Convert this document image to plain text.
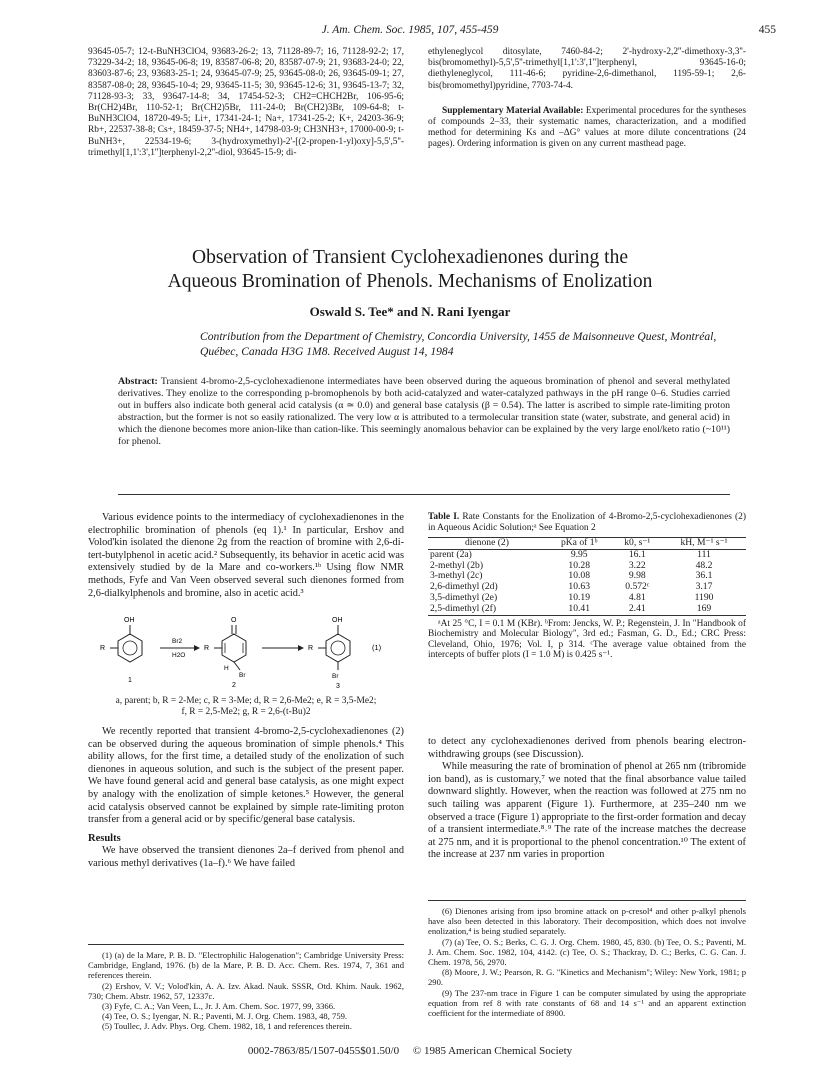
J. Am. Chem. Soc. 1985, 107, 455-459	455

93645-05-7; 12-t-BuNH3ClO4, 93683-26-2; 13, 71128-89-7; 16, 71128-92-2; 17, 73229-34-2; 18, 93645-06-8; 19, 83587-06-8; 20, 83587-07-9; 21, 93683-24-0; 22, 83603-87-6; 23, 93683-25-1; 24, 93645-07-9; 25, 93645-08-0; 26, 93645-09-1; 27, 83587-08-0; 28, 93645-10-4; 29, 93645-11-5; 30, 93645-12-6; 31, 93645-13-7; 32, 71128-93-3; 33, 93647-14-8; 34, 17454-52-3; CH2=CHCH2Br, 106-95-6; Br(CH2)4Br, 110-52-1; Br(CH2)5Br, 111-24-0; Br(CH2)3Br, 109-64-8; t-BuNH3ClO4, 18720-49-5; Li+, 17341-24-1; Na+, 17341-25-2; K+, 24203-36-9; Rb+, 22537-38-8; Cs+, 18459-37-5; NH4+, 14798-03-9; CH3NH3+, 17000-00-9; t-BuNH3+, 22534-19-6; 3-(hydroxymethyl)-2'-[(2-propen-1-yl)oxy]-5,5',5''-trimethyl[1,1':3',1'']terphenyl-2,2''-diol, 93645-15-9; di-

ethyleneglycol ditosylate, 7460-84-2; 2'-hydroxy-2,2''-dimethoxy-3,3''-bis(bromomethyl)-5,5',5''-trimethyl[1,1':3',1'']terphenyl, 93645-16-0; diethyleneglycol, 111-46-6; pyridine-2,6-dimethanol, 1195-59-1; 2,6-bis(bromomethyl)pyridine, 7703-74-4.

Supplementary Material Available: Experimental procedures for the syntheses of compounds 2–33, their systematic names, characterization, and a modified method for determining Ks and –ΔG° values at more dilute concentrations (24 pages). Ordering information is given on any current masthead page.

Observation of Transient Cyclohexadienones during the
Aqueous Bromination of Phenols. Mechanisms of Enolization
Oswald S. Tee* and N. Rani Iyengar
Contribution from the Department of Chemistry, Concordia University, 1455 de Maisonneuve Quest, Montréal, Québec, Canada H3G 1M8. Received August 14, 1984
Abstract: Transient 4-bromo-2,5-cyclohexadienone intermediates have been observed during the aqueous bromination of phenol and several methylated derivatives. They enolize to the corresponding p-bromophenols by both acid-catalyzed and water-catalyzed pathways in the pH range 0–6. Studies carried out in buffers also indicate both general acid catalysis (α ≃ 0.0) and general base catalysis (β = 0.54). The latter is ascribed to simple rate-limiting proton abstraction, but the former is not so easily rationalized. The very low α is attributed to a termolecular transition state (water, substrate, and general acid) in which the dienone becomes more anion-like than cation-like. This seemingly anomalous behavior can be explained by the very large enol/keto ratio (~10¹¹) for phenol.

Various evidence points to the intermediacy of cyclohexadienones in the electrophilic bromination of phenols (eq 1).¹ In particular, Ershov and Volod'kin isolated the dienone 2g from the reaction of bromine with 2,6-di-tert-butylphenol in acetic acid.² Subsequently, its behavior in acetic acid was extensively studied by de la Mare and co-workers.¹ᵇ Using flow NMR methods, Fyfe and Van Veen observed several such dienones formed from 2,6-dialkylphenols and bromine, also in acetic acid.³

OH
R
1
Br2
H2O
O
R
H
Br
2
OH
R
Br
3
(1)
a, parent; b, R = 2-Me; c, R = 3-Me; d, R = 2,6-Me2; e, R = 3,5-Me2;
f, R = 2,5-Me2; g, R = 2,6-(t-Bu)2

We recently reported that transient 4-bromo-2,5-cyclohexadienones (2) can be observed during the aqueous bromination of simple phenols.⁴ This ability allows, for the first time, a detailed study of the enolization of such dienones in aqueous solution, and such is the subject of the present paper. We have found general acid and general base catalysis, as one might expect by analogy with the enolization of simple ketones.⁵ However, the general acid catalysis observed cannot be explained by simple rate-limiting proton transfer from a general acid or by specific/general base catalysis.

Results

We have observed the transient dienones 2a–f derived from phenol and various methyl derivatives (1a–f).⁶ We have failed

(1) (a) de la Mare, P. B. D. "Electrophilic Halogenation"; Cambridge University Press: Cambridge, England, 1976. (b) de la Mare, P. B. D. Acc. Chem. Res. 1974, 7, 361 and references therein.

(2) Ershov, V. V.; Volod'kin, A. A. Izv. Akad. Nauk. SSSR, Otd. Khim. Nauk. 1962, 730; Chem. Abstr. 1962, 57, 12337c.

(3) Fyfe, C. A.; Van Veen, L., Jr. J. Am. Chem. Soc. 1977, 99, 3366.

(4) Tee, O. S.; Iyengar, N. R.; Paventi, M. J. Org. Chem. 1983, 48, 759.

(5) Toullec, J. Adv. Phys. Org. Chem. 1982, 18, 1 and references therein.

Table I. Rate Constants for the Enolization of 4-Bromo-2,5-cyclohexadienones (2) in Aqueous Acidic Solution;ᵃ See Equation 2
dienone (2)	pKa of 1ᵇ	k0, s⁻¹	kH, M⁻¹ s⁻¹
parent (2a)	9.95	16.1	111
2-methyl (2b)	10.28	3.22	48.2
3-methyl (2c)	10.08	9.98	36.1
2,6-dimethyl (2d)	10.63	0.572ᶜ	3.17
3,5-dimethyl (2e)	10.19	4.81	1190
2,5-dimethyl (2f)	10.41	2.41	169
ᵃAt 25 °C, I = 0.1 M (KBr). ᵇFrom: Jencks, W. P.; Regenstein, J. In "Handbook of Biochemistry and Molecular Biology", 3rd ed.; Fasman, G. D., Ed.; CRC Press: Cleveland, Ohio, 1976; Vol. I, p 314. ᶜThe average value obtained from the intercepts of buffer plots (I = 1.0 M) is 0.425 s⁻¹.

to detect any cyclohexadienones derived from phenols bearing electron-withdrawing groups (see Discussion).

While measuring the rate of bromination of phenol at 265 nm (tribromide ion band), as is customary,⁷ we noted that the final absorbance value tailed downward slightly. However, when the reaction was followed at 275 nm no such tailing was apparent (Figure 1). Furthermore, at 235–240 nm we observed a trace (Figure 1) appropriate to the first-order formation and decay of a transient intermediate.⁸˒⁹ The rate of the increase matches the decrease at 275 nm, and it is proportional to the phenol concentration.¹⁰ The extent of the increase at 237 nm varies in proportion

(6) Dienones arising from ipso bromine attack on p-cresol⁴ and other p-alkyl phenols have also been detected in this laboratory. Their decomposition, which does not involve enolization,⁴ is being studied separately.

(7) (a) Tee, O. S.; Berks, C. G. J. Org. Chem. 1980, 45, 830. (b) Tee, O. S.; Paventi, M. J. Am. Chem. Soc. 1982, 104, 4142. (c) Tee, O. S.; Thackray, D. C.; Berks, C. G. Can. J. Chem. 1978, 56, 2970.

(8) Moore, J. W.; Pearson, R. G. "Kinetics and Mechanism"; Wiley: New York, 1981; p 290.

(9) The 237-nm trace in Figure 1 can be computer simulated by using the appropriate equation from ref 8 with rate constants of 68 and 14 s⁻¹ and an apparent extinction coefficient for the intermediate of 8900.

0002-7863/85/1507-0455$01.50/0 © 1985 American Chemical Society
